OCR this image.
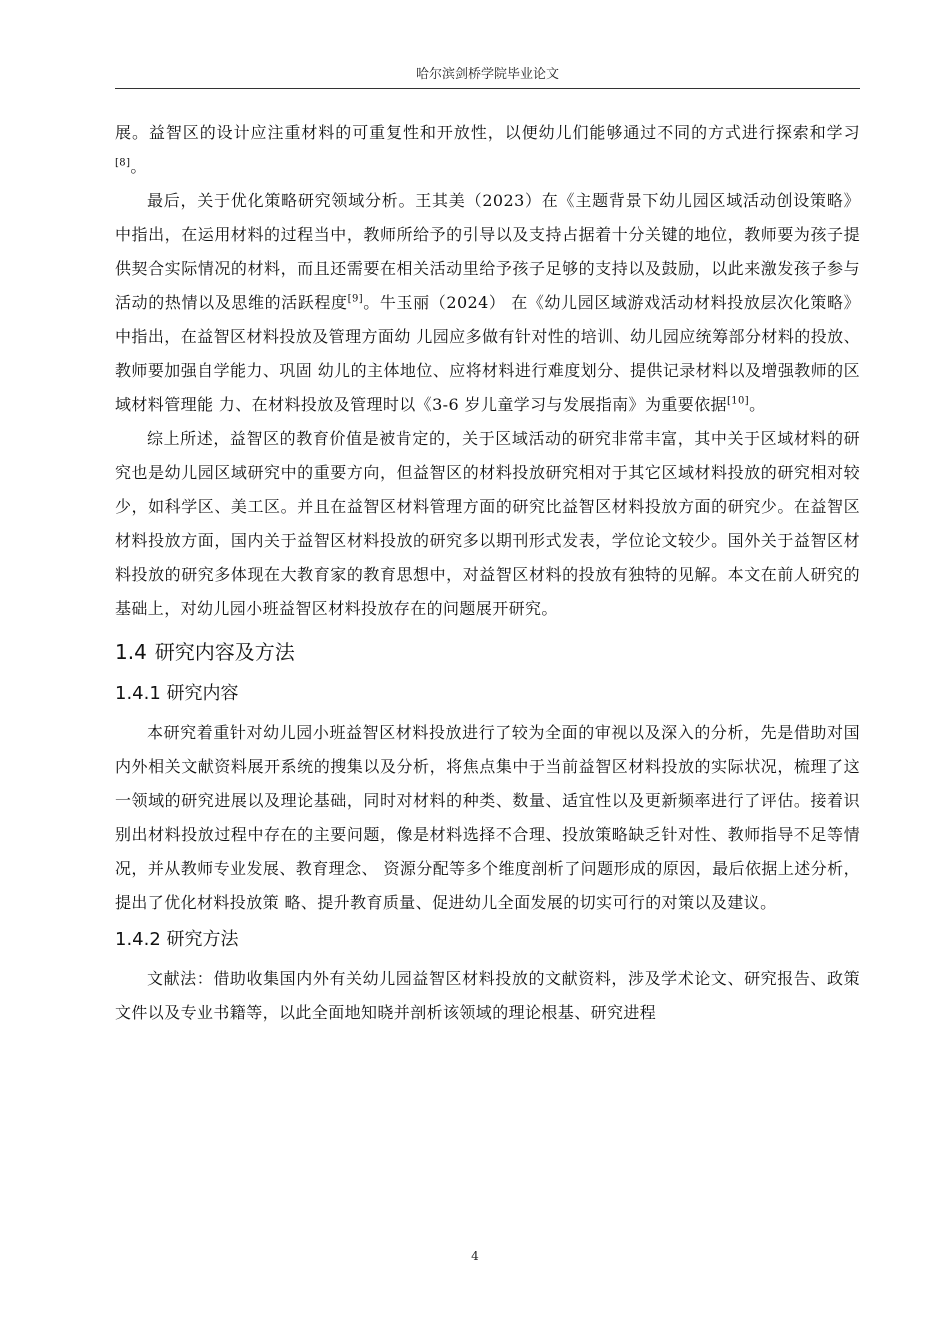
哈尔滨剑桥学院毕业论文

展。益智区的设计应注重材料的可重复性和开放性，以便幼儿们能够通过不同的方式进行探索和学习[8]。

最后，关于优化策略研究领域分析。王其美（2023）在《主题背景下幼儿园区域活动创设策略》中指出，在运用材料的过程当中，教师所给予的引导以及支持占据着十分关键的地位，教师要为孩子提供契合实际情况的材料，而且还需要在相关活动里给予孩子足够的支持以及鼓励，以此来激发孩子参与活动的热情以及思维的活跃程度[9]。牛玉丽（2024） 在《幼儿园区域游戏活动材料投放层次化策略》中指出，在益智区材料投放及管理方面幼 儿园应多做有针对性的培训、幼儿园应统筹部分材料的投放、教师要加强自学能力、巩固 幼儿的主体地位、应将材料进行难度划分、提供记录材料以及增强教师的区域材料管理能 力、在材料投放及管理时以《3-6 岁儿童学习与发展指南》为重要依据[10]。

综上所述，益智区的教育价值是被肯定的，关于区域活动的研究非常丰富，其中关于区域材料的研究也是幼儿园区域研究中的重要方向，但益智区的材料投放研究相对于其它区域材料投放的研究相对较少，如科学区、美工区。并且在益智区材料管理方面的研究比益智区材料投放方面的研究少。在益智区材料投放方面，国内关于益智区材料投放的研究多以期刊形式发表，学位论文较少。国外关于益智区材料投放的研究多体现在大教育家的教育思想中，对益智区材料的投放有独特的见解。本文在前人研究的基础上，对幼儿园小班益智区材料投放存在的问题展开研究。

1.4 研究内容及方法
1.4.1 研究内容

本研究着重针对幼儿园小班益智区材料投放进行了较为全面的审视以及深入的分析，先是借助对国内外相关文献资料展开系统的搜集以及分析，将焦点集中于当前益智区材料投放的实际状况，梳理了这一领域的研究进展以及理论基础，同时对材料的种类、数量、适宜性以及更新频率进行了评估。接着识别出材料投放过程中存在的主要问题，像是材料选择不合理、投放策略缺乏针对性、教师指导不足等情况，并从教师专业发展、教育理念、 资源分配等多个维度剖析了问题形成的原因，最后依据上述分析，提出了优化材料投放策 略、提升教育质量、促进幼儿全面发展的切实可行的对策以及建议。

1.4.2 研究方法

文献法：借助收集国内外有关幼儿园益智区材料投放的文献资料，涉及学术论文、研究报告、政策文件以及专业书籍等，以此全面地知晓并剖析该领域的理论根基、研究进程

4
